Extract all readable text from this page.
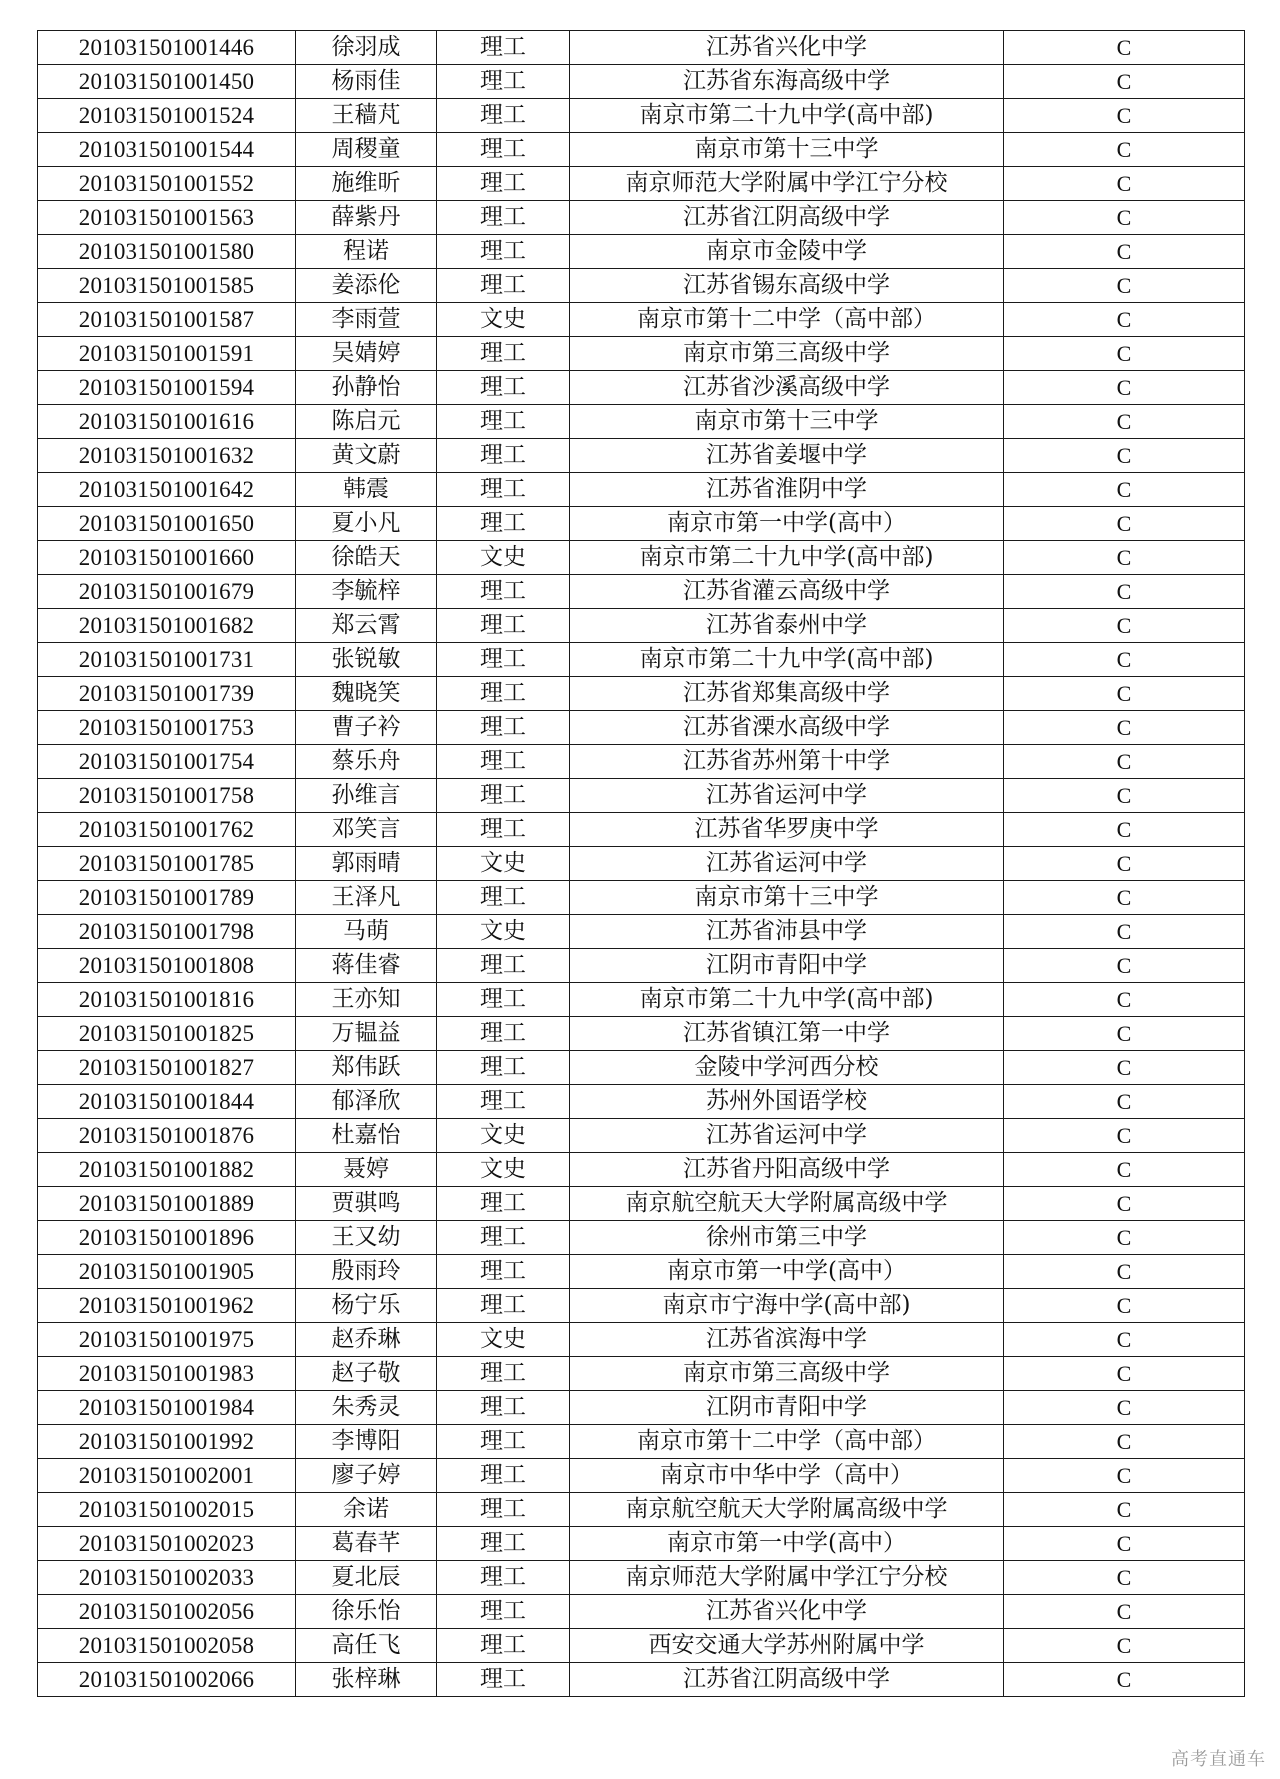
201031501001446	徐羽成	理工	江苏省兴化中学	C
201031501001450	杨雨佳	理工	江苏省东海高级中学	C
201031501001524	王穑芃	理工	南京市第二十九中学(高中部)	C
201031501001544	周稷童	理工	南京市第十三中学	C
201031501001552	施维昕	理工	南京师范大学附属中学江宁分校	C
201031501001563	薛紫丹	理工	江苏省江阴高级中学	C
201031501001580	程诺	理工	南京市金陵中学	C
201031501001585	姜添伦	理工	江苏省锡东高级中学	C
201031501001587	李雨萱	文史	南京市第十二中学（高中部）	C
201031501001591	吴婧婷	理工	南京市第三高级中学	C
201031501001594	孙静怡	理工	江苏省沙溪高级中学	C
201031501001616	陈启元	理工	南京市第十三中学	C
201031501001632	黄文蔚	理工	江苏省姜堰中学	C
201031501001642	韩震	理工	江苏省淮阴中学	C
201031501001650	夏小凡	理工	南京市第一中学(高中）	C
201031501001660	徐皓天	文史	南京市第二十九中学(高中部)	C
201031501001679	李毓梓	理工	江苏省灌云高级中学	C
201031501001682	郑云霄	理工	江苏省泰州中学	C
201031501001731	张锐敏	理工	南京市第二十九中学(高中部)	C
201031501001739	魏晓笑	理工	江苏省郑集高级中学	C
201031501001753	曹子衿	理工	江苏省溧水高级中学	C
201031501001754	蔡乐舟	理工	江苏省苏州第十中学	C
201031501001758	孙维言	理工	江苏省运河中学	C
201031501001762	邓笑言	理工	江苏省华罗庚中学	C
201031501001785	郭雨晴	文史	江苏省运河中学	C
201031501001789	王泽凡	理工	南京市第十三中学	C
201031501001798	马萌	文史	江苏省沛县中学	C
201031501001808	蒋佳睿	理工	江阴市青阳中学	C
201031501001816	王亦知	理工	南京市第二十九中学(高中部)	C
201031501001825	万韫益	理工	江苏省镇江第一中学	C
201031501001827	郑伟跃	理工	金陵中学河西分校	C
201031501001844	郁泽欣	理工	苏州外国语学校	C
201031501001876	杜嘉怡	文史	江苏省运河中学	C
201031501001882	聂婷	文史	江苏省丹阳高级中学	C
201031501001889	贾骐鸣	理工	南京航空航天大学附属高级中学	C
201031501001896	王又幼	理工	徐州市第三中学	C
201031501001905	殷雨玲	理工	南京市第一中学(高中）	C
201031501001962	杨宁乐	理工	南京市宁海中学(高中部)	C
201031501001975	赵乔琳	文史	江苏省滨海中学	C
201031501001983	赵子敬	理工	南京市第三高级中学	C
201031501001984	朱秀灵	理工	江阴市青阳中学	C
201031501001992	李博阳	理工	南京市第十二中学（高中部）	C
201031501002001	廖子婷	理工	南京市中华中学（高中）	C
201031501002015	余诺	理工	南京航空航天大学附属高级中学	C
201031501002023	葛春芊	理工	南京市第一中学(高中）	C
201031501002033	夏北辰	理工	南京师范大学附属中学江宁分校	C
201031501002056	徐乐怡	理工	江苏省兴化中学	C
201031501002058	高任飞	理工	西安交通大学苏州附属中学	C
201031501002066	张梓琳	理工	江苏省江阴高级中学	C
高考直通车
